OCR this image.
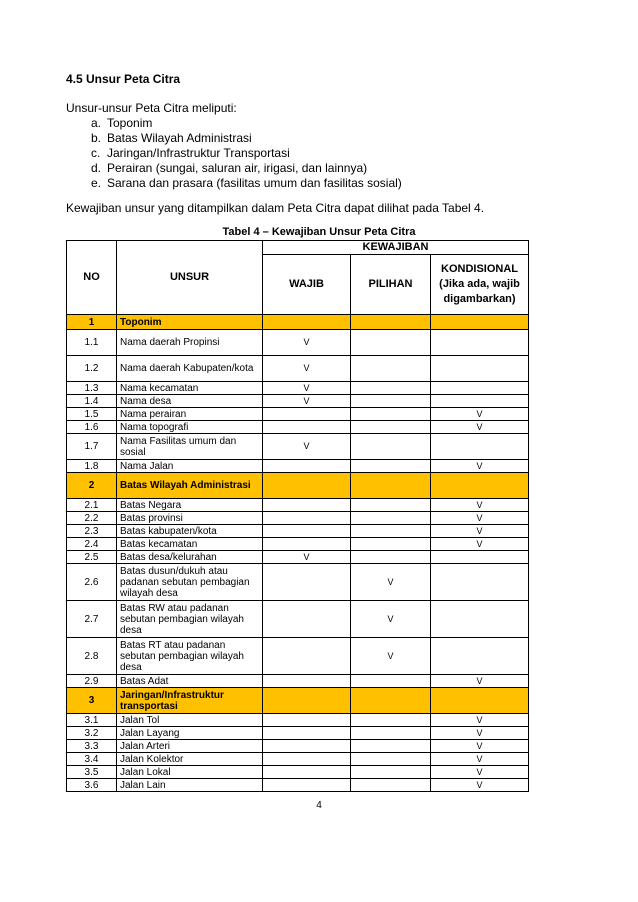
4.5 Unsur Peta Citra
Unsur-unsur Peta Citra meliputi:
a. Toponim
b. Batas Wilayah Administrasi
c. Jaringan/Infrastruktur Transportasi
d. Perairan (sungai, saluran air, irigasi, dan lainnya)
e. Sarana dan prasara (fasilitas umum dan fasilitas sosial)
Kewajiban unsur yang ditampilkan dalam Peta Citra dapat dilihat pada Tabel 4.
Tabel 4 – Kewajiban Unsur Peta Citra
NO	UNSUR	KEWAJIBAN		
		WAJIB	PILIHAN	KONDISIONAL (Jika ada, wajib digambarkan)
1	Toponim			
1.1	Nama daerah Propinsi	V		
1.2	Nama daerah Kabupaten/kota	V		
1.3	Nama kecamatan	V		
1.4	Nama desa	V		
1.5	Nama perairan			V
1.6	Nama topografi			V
1.7	Nama Fasilitas umum dan sosial	V		
1.8	Nama Jalan			V
2	Batas Wilayah Administrasi			
2.1	Batas Negara			V
2.2	Batas provinsi			V
2.3	Batas kabupaten/kota			V
2.4	Batas kecamatan			V
2.5	Batas desa/kelurahan	V		
2.6	Batas dusun/dukuh atau padanan sebutan pembagian wilayah desa		V	
2.7	Batas RW atau padanan sebutan pembagian wilayah desa		V	
2.8	Batas RT atau padanan sebutan pembagian wilayah desa		V	
2.9	Batas Adat			V
3	Jaringan/Infrastruktur transportasi			
3.1	Jalan Tol			V
3.2	Jalan Layang			V
3.3	Jalan Arteri			V
3.4	Jalan Kolektor			V
3.5	Jalan Lokal			V
3.6	Jalan Lain			V
4
